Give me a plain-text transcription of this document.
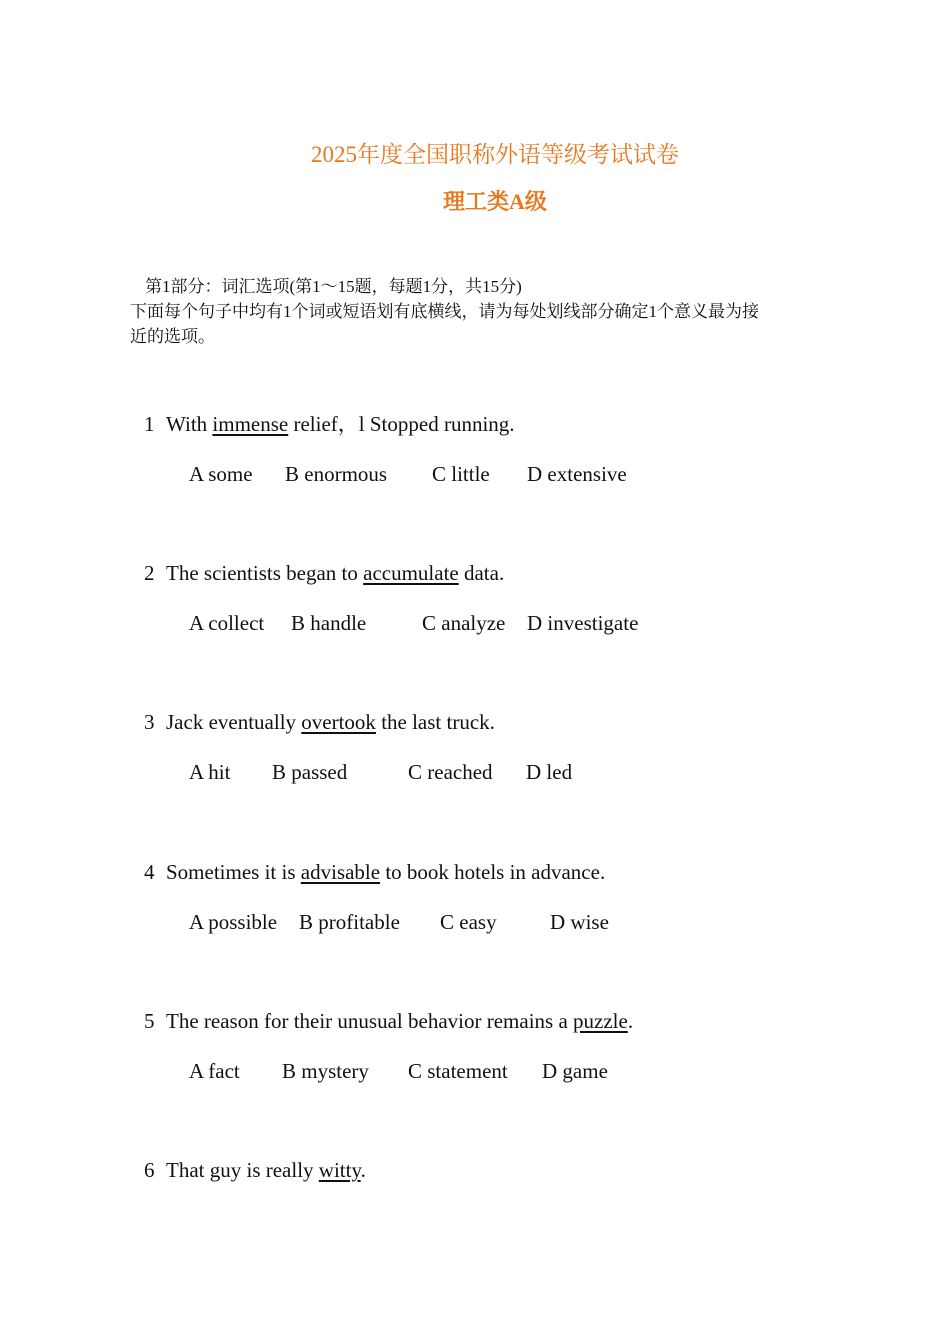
2025年度全国职称外语等级考试试卷
理工类A级
第1部分：词汇选项(第1～15题，每题1分，共15分)
下面每个句子中均有1个词或短语划有底横线，请为每处划线部分确定1个意义最为接
近的选项。
1 With immense relief，l Stopped running.
A some B enormous C little D extensive
2 The scientists began to accumulate data.
A collect B handle	C analyze D investigate
3 Jack eventually overtook the last truck.
A hit B passed	C reached D led
4 Sometimes it is advisable to book hotels in advance.
A possible B profitable C easy	D wise
5 The reason for their unusual behavior remains a puzzle.
A fact B mystery C statement D game
6 That guy is really witty.
